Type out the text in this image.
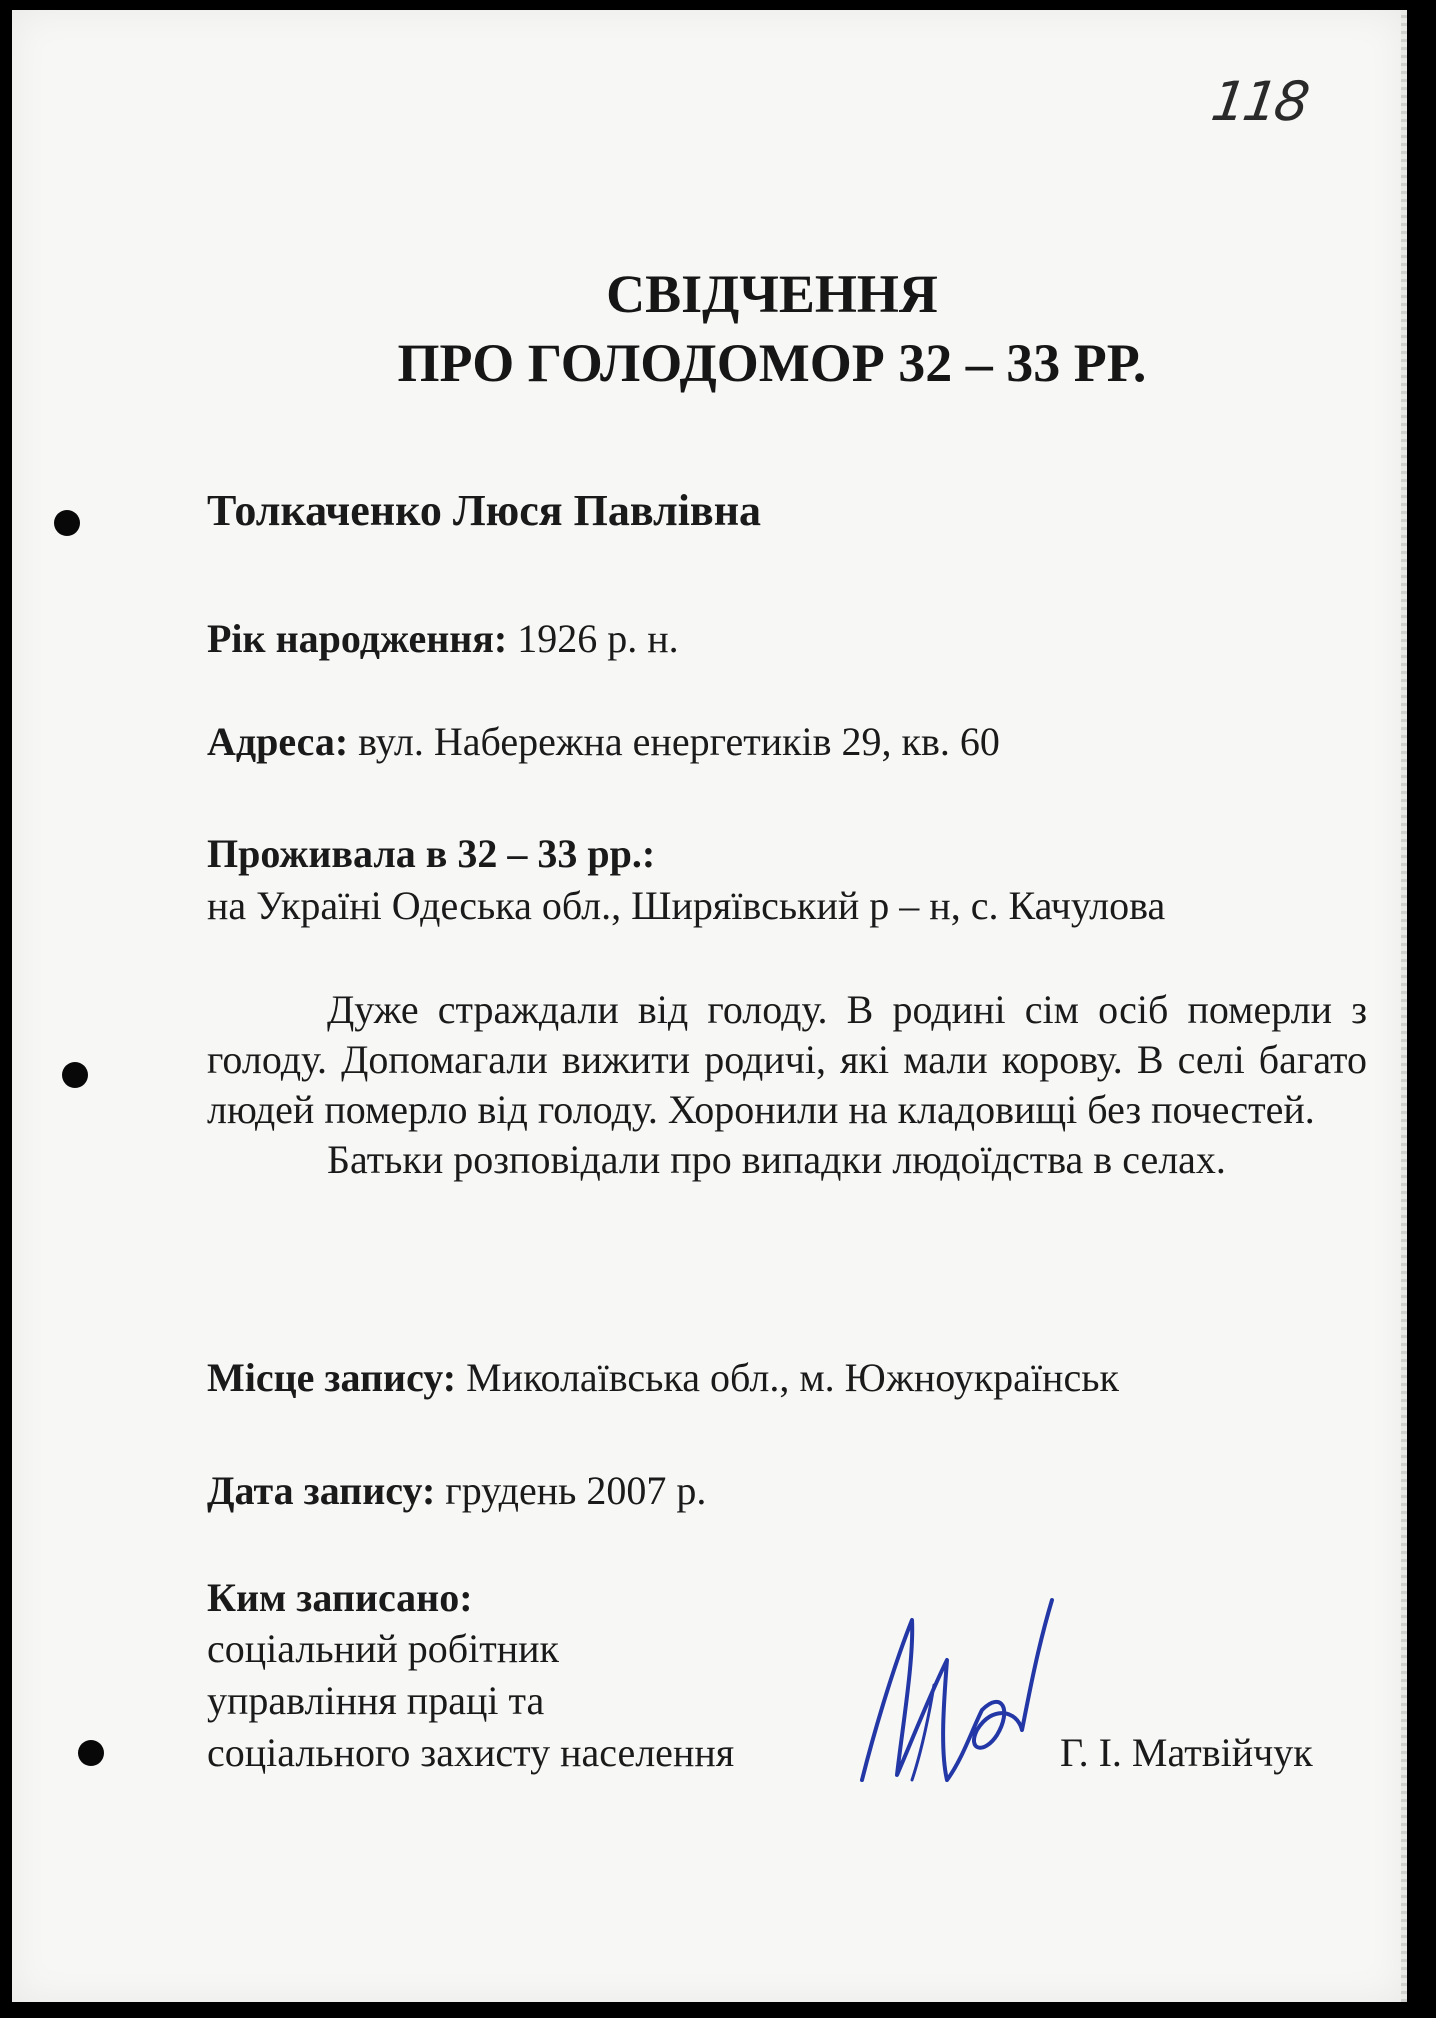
118
СВІДЧЕННЯ
ПРО ГОЛОДОМОР 32 – 33 РР.
Толкаченко Люся Павлівна
Рік народження: 1926 р. н.
Адреса: вул. Набережна енергетиків 29, кв. 60
Проживала в 32 – 33 рр.:
на Україні Одеська обл., Ширяївський р – н, с. Качулова

Дуже страждали від голоду. В родині сім осіб померли з голоду. Допомагали вижити родичі, які мали корову. В селі багато людей померло від голоду. Хоронили на кладовищі без почестей.

Батьки розповідали про випадки людоїдства в селах.

Місце запису: Миколаївська обл., м. Южноукраїнськ
Дата запису: грудень 2007 р.
Ким записано:
соціальний робітник
управління праці та
соціального захисту населення	Г. І. Матвійчук
